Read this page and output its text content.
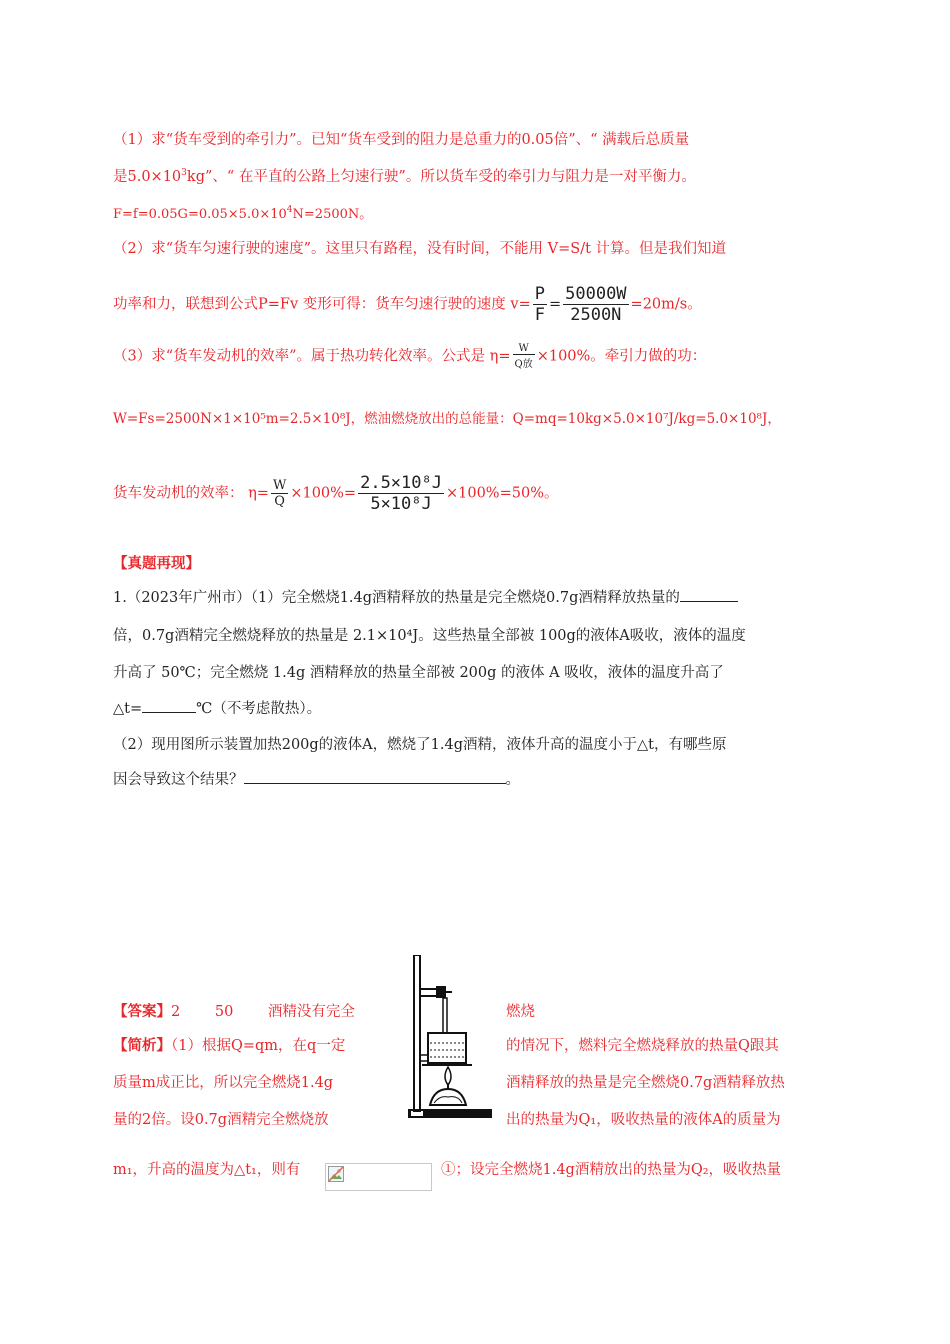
（1）求“货车受到的牵引力”。已知“货车受到的阻力是总重力的0.05倍”、“ 满载后总质量
是$5.0\times 10^3kg$”、“ 在平直的公路上匀速行驶”。所以货车受的牵引力与阻力是一对平衡力。
$F=f=0.05G=0.05\times 5.0\times 10^4N=2500N$。
（2）求“货车匀速行驶的速度”。这里只有路程，没有时间，不能用 V=S/t 计算。但是我们知道
功率和力，联想到公式P=Fv 变形可得：货车匀速行驶的速度 $v= \frac{P}{F} = \frac{50000W}{2500N} =20m/s$。
（3）求“货车发动机的效率”。属于热功转化效率。公式是 $\eta= \frac{W}{\text{Q放}} \times 100\%$。牵引力做的功：
W=Fs=2500N×1×10⁵m=2.5×10⁸J，燃油燃烧放出的总能量：Q=mq=10kg×5.0×10⁷J/kg=5.0×10⁸J，
货车发动机的效率： $\eta= \frac{W}{Q} \times 100\%= \frac{\text{2.5×10⁸J}}{\text{5×10⁸J}} \times 100\%=50\%$。
【真题再现】
1.（2023年广州市）（1）完全燃烧1.4g酒精释放的热量是完全燃烧0.7g酒精释放热量的
倍，0.7g酒精完全燃烧释放的热量是 2.1×10⁴J。这些热量全部被 100g的液体A吸收，液体的温度
升高了 50℃；完全燃烧 1.4g 酒精释放的热量全部被 200g 的液体 A 吸收，液体的温度升高了
△t=	℃（不考虑散热）。
（2）现用图所示装置加热200g的液体A，燃烧了1.4g酒精，液体升高的温度小于△t，有哪些原
因会导致这个结果？	。
【答案】2 50 酒精没有完全	燃烧
【简析】（1）根据Q=qm，在q一定	的情况下，燃料完全燃烧释放的热量Q跟其
质量m成正比，所以完全燃烧1.4g	酒精释放的热量是完全燃烧0.7g酒精释放热
量的2倍。设0.7g酒精完全燃烧放	出的热量为Q₁，吸收热量的液体A的质量为
m₁，升高的温度为△t₁，则有	①；设完全燃烧1.4g酒精放出的热量为Q₂，吸收热量
